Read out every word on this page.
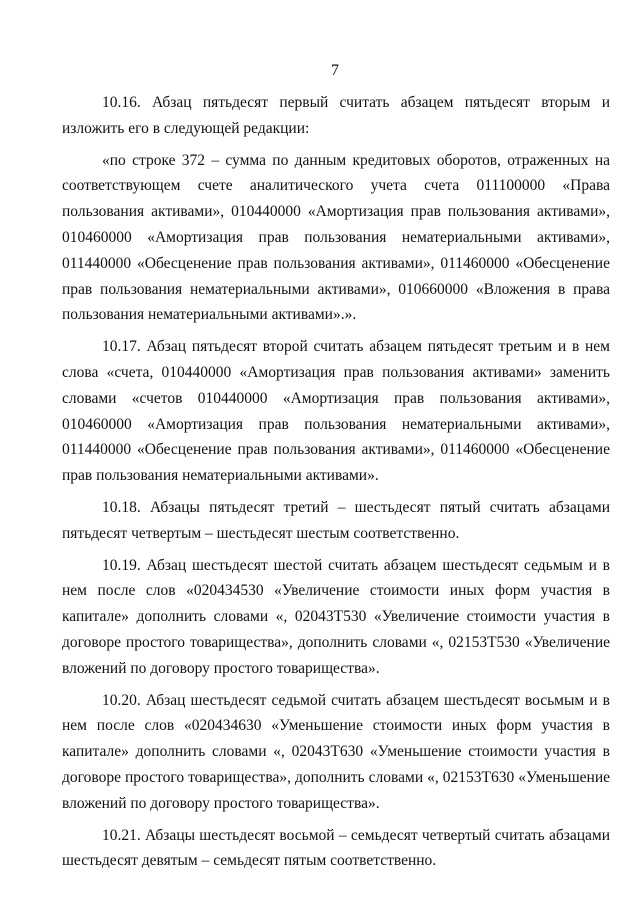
7

10.16. Абзац пятьдесят первый считать абзацем пятьдесят вторым и изложить его в следующей редакции:

«по строке 372 – сумма по данным кредитовых оборотов, отраженных на соответствующем счете аналитического учета счета 011100000 «Права пользования активами», 010440000 «Амортизация прав пользования активами», 010460000 «Амортизация прав пользования нематериальными активами», 011440000 «Обесценение прав пользования активами», 011460000 «Обесценение прав пользования нематериальными активами», 010660000 «Вложения в права пользования нематериальными активами».».

10.17. Абзац пятьдесят второй считать абзацем пятьдесят третьим и в нем слова «счета, 010440000 «Амортизация прав пользования активами» заменить словами «счетов 010440000 «Амортизация прав пользования активами», 010460000 «Амортизация прав пользования нематериальными активами», 011440000 «Обесценение прав пользования активами», 011460000 «Обесценение прав пользования нематериальными активами».

10.18. Абзацы пятьдесят третий – шестьдесят пятый считать абзацами пятьдесят четвертым – шестьдесят шестым соответственно.

10.19. Абзац шестьдесят шестой считать абзацем шестьдесят седьмым и в нем после слов «020434530 «Увеличение стоимости иных форм участия в капитале» дополнить словами «, 02043Т530 «Увеличение стоимости участия в договоре простого товарищества», дополнить словами «, 02153Т530 «Увеличение вложений по договору простого товарищества».

10.20. Абзац шестьдесят седьмой считать абзацем шестьдесят восьмым и в нем после слов «020434630 «Уменьшение стоимости иных форм участия в капитале» дополнить словами «, 02043Т630 «Уменьшение стоимости участия в договоре простого товарищества», дополнить словами «, 02153Т630 «Уменьшение вложений по договору простого товарищества».

10.21. Абзацы шестьдесят восьмой – семьдесят четвертый считать абзацами шестьдесят девятым – семьдесят пятым соответственно.
